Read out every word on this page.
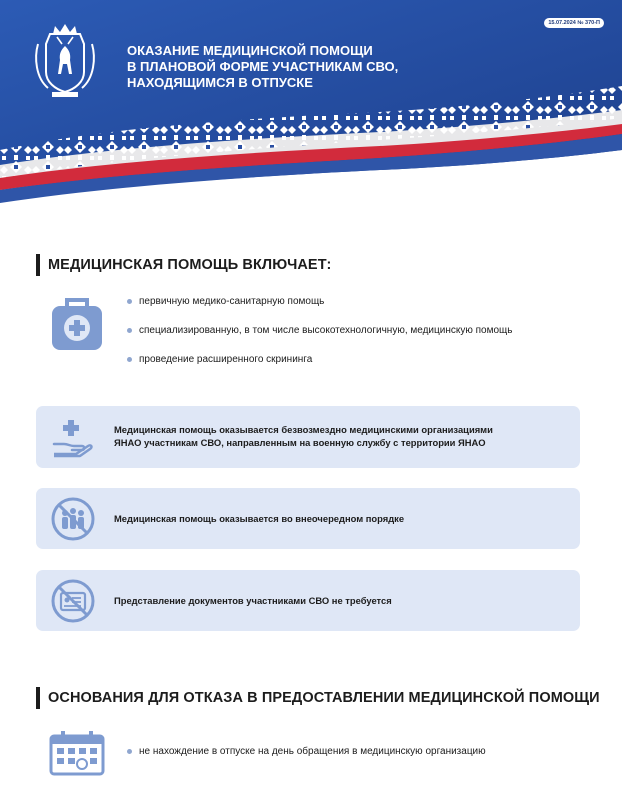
15.07.2024 № 370-П
ОКАЗАНИЕ МЕДИЦИНСКОЙ ПОМОЩИ
В ПЛАНОВОЙ ФОРМЕ УЧАСТНИКАМ СВО,
НАХОДЯЩИМСЯ В ОТПУСКЕ
МЕДИЦИНСКАЯ ПОМОЩЬ ВКЛЮЧАЕТ:
первичную медико-санитарную помощь
специализированную, в том числе высокотехнологичную, медицинскую помощь
проведение расширенного скрининга
Медицинская помощь оказывается безвозмездно медицинскими организациями
ЯНАО участникам СВО, направленным на военную службу с территории ЯНАО
Медицинская помощь оказывается во внеочередном порядке
Представление документов участниками СВО не требуется
ОСНОВАНИЯ ДЛЯ ОТКАЗА В ПРЕДОСТАВЛЕНИИ МЕДИЦИНСКОЙ ПОМОЩИ
не нахождение в отпуске на день обращения в медицинскую организацию
